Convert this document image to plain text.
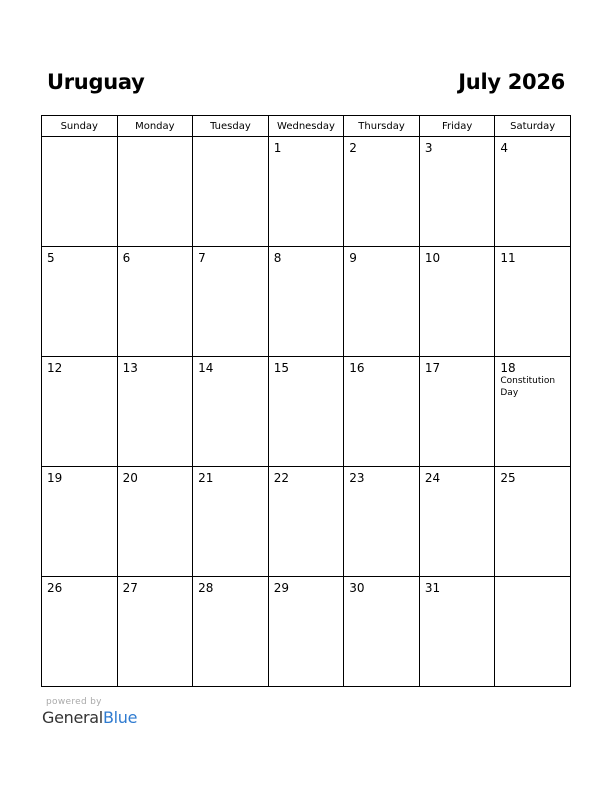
Uruguay	July 2026
Sunday	Monday	Tuesday	Wednesday	Thursday	Friday	Saturday

			1	2	3	4

5	6	7	8	9	10	11

12	13	14	15	16	17	18
Constitution Day

19	20	21	22	23	24	25

26	27	28	29	30	31	

powered by
GeneralBlue
